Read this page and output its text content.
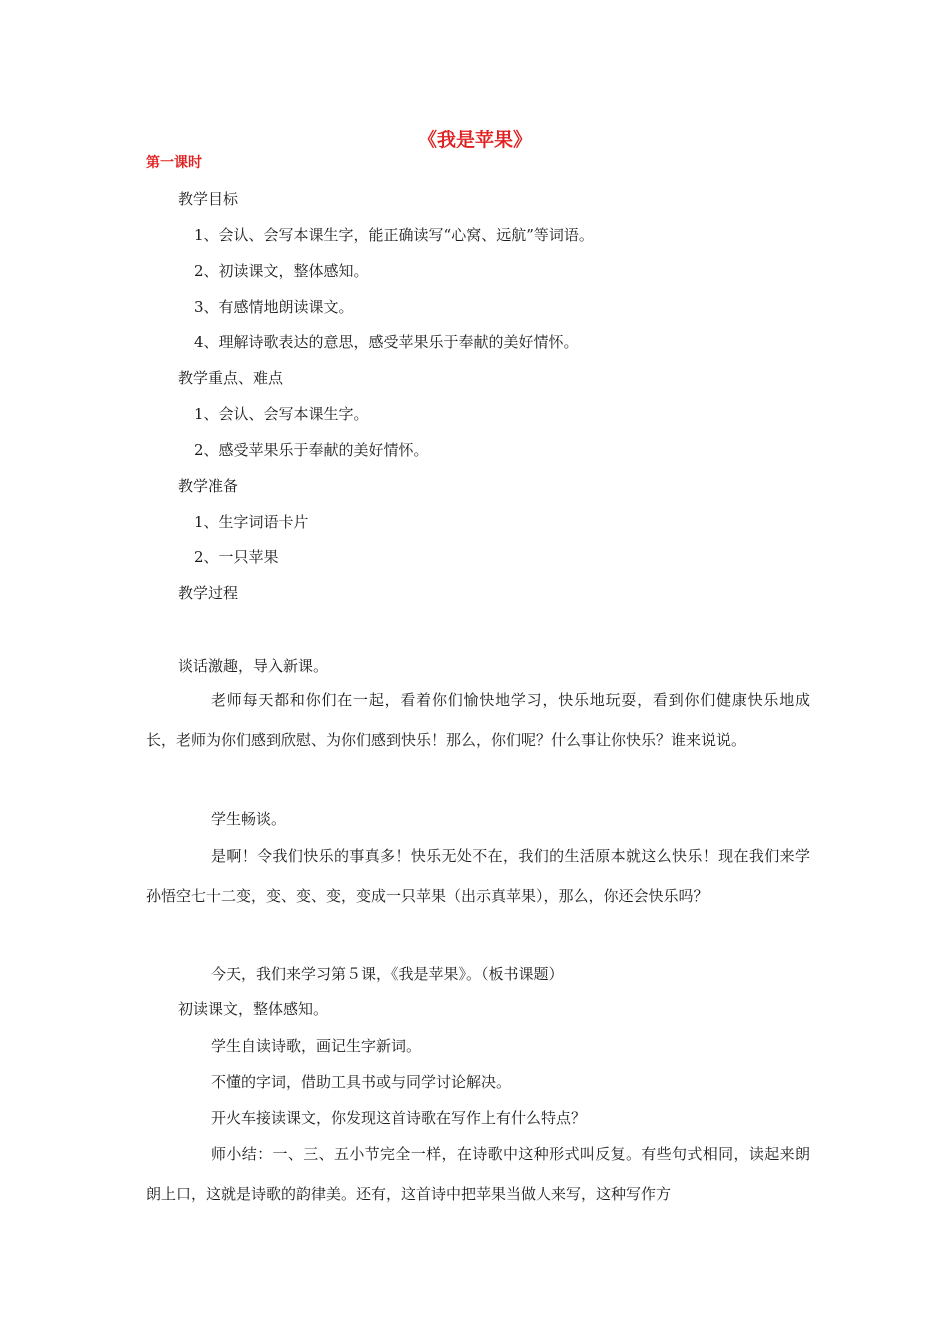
《我是苹果》
第一课时
教学目标
1、会认、会写本课生字，能正确读写“心窝、远航”等词语。
2、初读课文，整体感知。
3、有感情地朗读课文。
4、理解诗歌表达的意思，感受苹果乐于奉献的美好情怀。
教学重点、难点
1、会认、会写本课生字。
2、感受苹果乐于奉献的美好情怀。
教学准备
1、生字词语卡片
2、一只苹果
教学过程
谈话激趣，导入新课。
老师每天都和你们在一起，看着你们愉快地学习，快乐地玩耍，看到你们健康快乐地成长，老师为你们感到欣慰、为你们感到快乐！那么，你们呢？什么事让你快乐？谁来说说。
学生畅谈。
是啊！令我们快乐的事真多！快乐无处不在，我们的生活原本就这么快乐！现在我们来学孙悟空七十二变，变、变、变，变成一只苹果（出示真苹果），那么，你还会快乐吗？
今天，我们来学习第５课，《我是苹果》。（板书课题）
初读课文，整体感知。
学生自读诗歌，画记生字新词。
不懂的字词，借助工具书或与同学讨论解决。
开火车接读课文，你发现这首诗歌在写作上有什么特点？
师小结：一、三、五小节完全一样，在诗歌中这种形式叫反复。有些句式相同，读起来朗朗上口，这就是诗歌的韵律美。还有，这首诗中把苹果当做人来写，这种写作方
